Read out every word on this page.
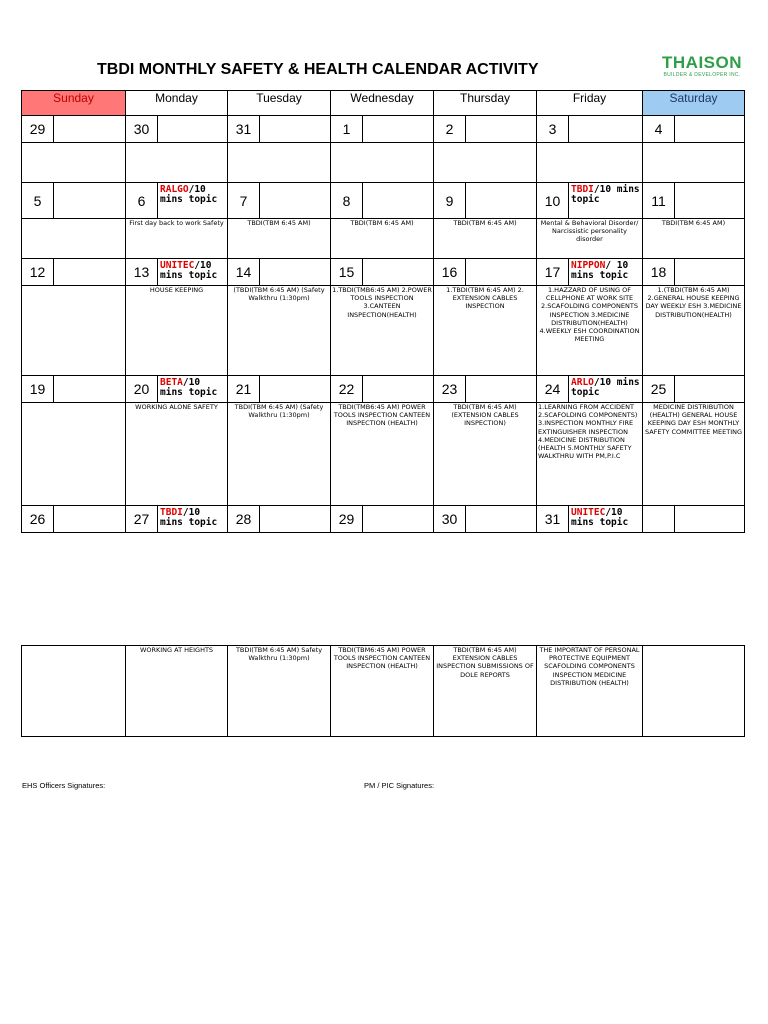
TBDI MONTHLY SAFETY & HEALTH CALENDAR ACTIVITY	THAISON
BUILDER & DEVELOPER INC.
Sunday		Monday		Tuesday		Wednesday		Thursday		Friday		Saturday	
29		30		31		1		2		3		4	

5		6	RALGO/10 mins topic	7		8		9		10	TBDI/10 mins topic	11	
		First day back to work Safety		TBDI(TBM 6:45 AM)		TBDI(TBM 6:45 AM)		TBDI(TBM 6:45 AM)		Mental & Behavioral Disorder/ Narcissistic personality disorder		TBDI(TBM 6:45 AM)	
12		13	UNITEC/10 mins topic	14		15		16		17	NIPPON/ 10 mins topic	18	
		HOUSE KEEPING		(TBDI(TBM 6:45 AM) (Safety Walkthru (1:30pm)		1.TBDI(TMB6:45 AM) 2.POWER TOOLS INSPECTION 3.CANTEEN INSPECTION(HEALTH)		1.TBDI(TBM 6:45 AM) 2. EXTENSION CABLES INSPECTION		1.HAZZARD OF USING OF CELLPHONE AT WORK SITE 2.SCAFOLDING COMPONENTS INSPECTION 3.MEDICINE DISTRIBUTION(HEALTH) 4.WEEKLY ESH COORDINATION MEETING		1.(TBDI(TBM 6:45 AM) 2.GENERAL HOUSE KEEPING DAY WEEKLY ESH 3.MEDICINE DISTRIBUTION(HEALTH)	
19		20	BETA/10 mins topic	21		22		23		24	ARLO/10 mins topic	25	
		WORKING ALONE SAFETY		TBDI(TBM 6:45 AM) (Safety Walkthru (1:30pm)		TBDI(TMB6:45 AM) POWER TOOLS INSPECTION CANTEEN INSPECTION (HEALTH)		TBDI(TBM 6:45 AM) (EXTENSION CABLES INSPECTION)		1.LEARNING FROM ACCIDENT 2.SCAFOLDING COMPONENTS) 3.INSPECTION MONTHLY FIRE EXTINGUISHER INSPECTION 4.MEDICINE DISTRIBUTION (HEALTH 5.MONTHLY SAFETY WALKTHRU WITH PM,P.I.C		MEDICINE DISTRIBUTION (HEALTH) GENERAL HOUSE KEEPING DAY ESH MONTHLY SAFETY COMMITTEE MEETING	
26		27	TBDI/10 mins topic	28		29		30		31	UNITEC/10 mins topic		
	WORKING AT HEIGHTS	TBDI(TBM 6:45 AM) Safety Walkthru (1:30pm)	TBDI(TBM6:45 AM) POWER TOOLS INSPECTION CANTEEN INSPECTION (HEALTH)	TBDI(TBM 6:45 AM) EXTENSION CABLES INSPECTION SUBMISSIONS OF DOLE REPORTS	THE IMPORTANT OF PERSONAL PROTECTIVE EQUIPMENT SCAFOLDING COMPONENTS INSPECTION MEDICINE DISTRIBUTION (HEALTH)	
EHS Officers Signatures:	PM / PIC Signatures:
